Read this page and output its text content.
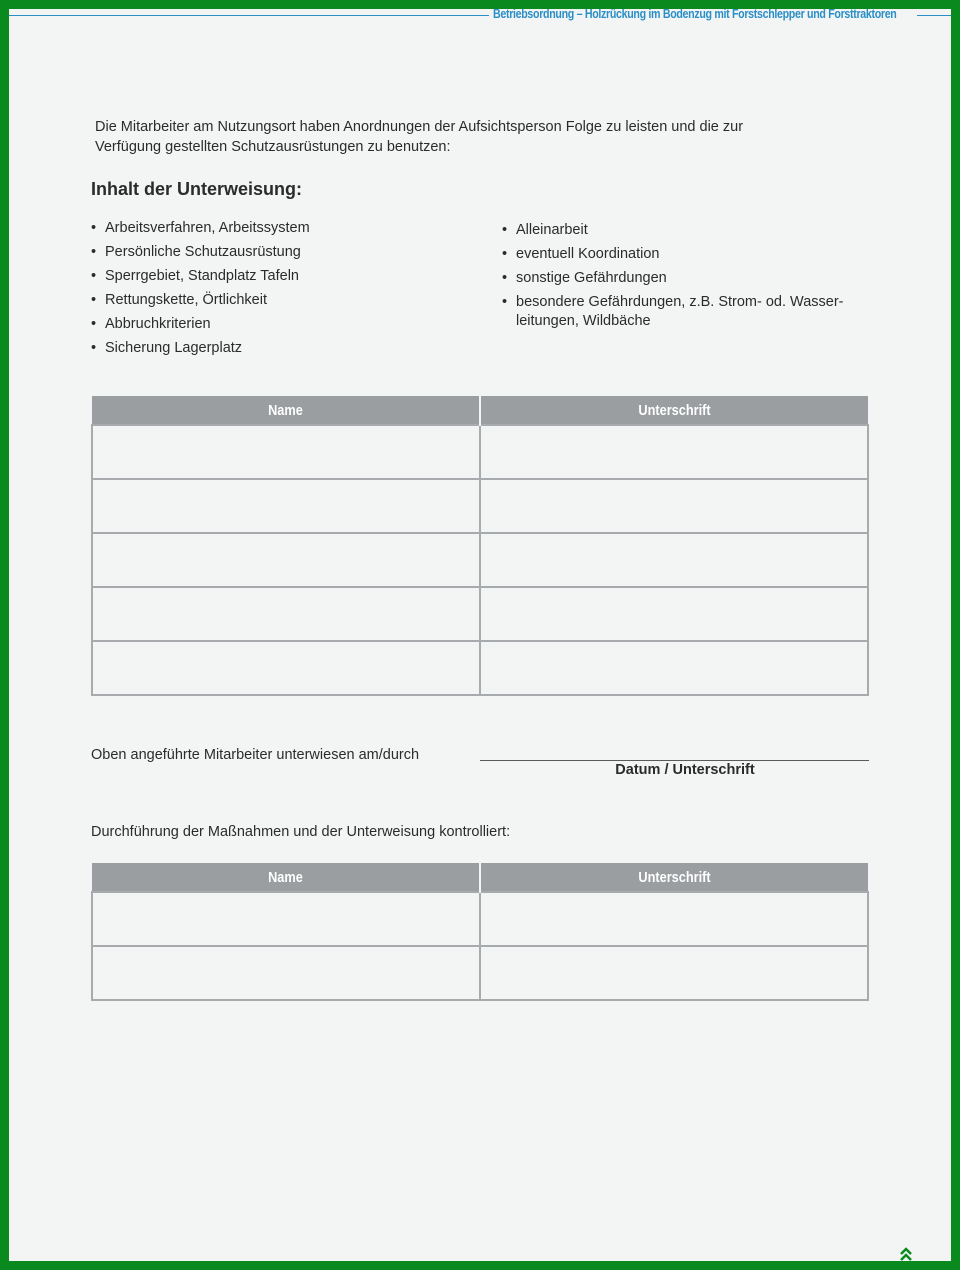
Betriebsordnung – Holzrückung im Bodenzug mit Forstschlepper und Forsttraktoren
Die Mitarbeiter am Nutzungsort haben Anordnungen der Aufsichtsperson Folge zu leisten und die zur Verfügung gestellten Schutzausrüstungen zu benutzen:
Inhalt der Unterweisung:
• Arbeitsverfahren, Arbeitssystem
• Persönliche Schutzausrüstung
• Sperrgebiet, Standplatz Tafeln
• Rettungskette, Örtlichkeit
• Abbruchkriterien
• Sicherung Lagerplatz
• Alleinarbeit
• eventuell Koordination
• sonstige Gefährdungen
• besondere Gefährdungen, z.B. Strom- od. Wasser-leitungen, Wildbäche
Name	Unterschrift

Oben angeführte Mitarbeiter unterwiesen am/durch
Datum / Unterschrift
Durchführung der Maßnahmen und der Unterweisung kontrolliert:
Name	Unterschrift
